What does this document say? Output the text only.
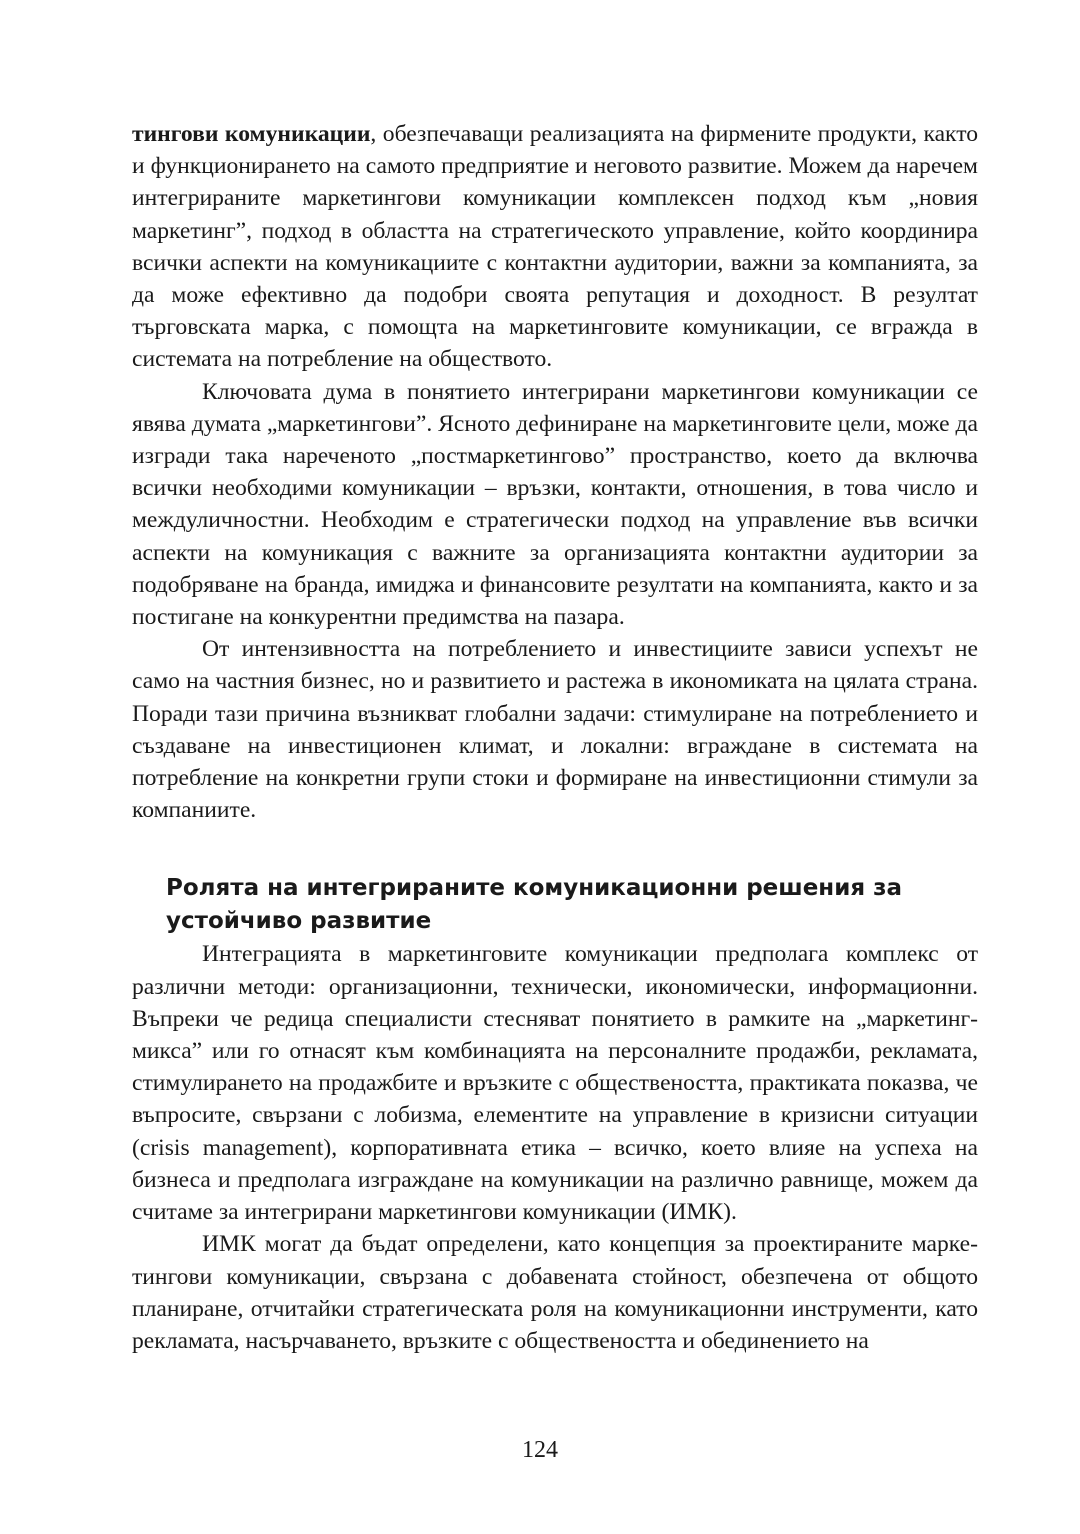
тингови комуникации, обезпечаващи реализацията на фирмените продукти, както и функционирането на самото предприятие и неговото развитие. Можем да наречем интегрираните маркетингови комуникации комплексен подход към „новия маркетинг”, подход в областта на стратегическото управление, който координира всички аспекти на комуникациите с контактни аудитории, важни за компанията, за да може ефективно да подобри своята репутация и доходност. В резултат търговската марка, с помощта на маркетинговите комуникации, се вгражда в системата на потребление на обществото.

Ключовата дума в понятието интегрирани маркетингови комуникации се явява думата „маркетингови”. Ясното дефиниране на маркетинговите цели, може да изгради така нареченото „постмаркетингово” пространство, което да включва всички необходими комуникации – връзки, контакти, отношения, в това число и междуличностни. Необходим е стратегически подход на управление във всички аспекти на комуникация с важните за организацията контактни аудитории за подобряване на бранда, имиджа и финансовите резултати на компанията, както и за постигане на конкурентни предимства на пазара.

От интензивността на потреблението и инвестициите зависи успехът не само на частния бизнес, но и развитието и растежа в икономиката на цялата страна. Поради тази причина възникват глобални задачи: стимулиране на потреблението и създаване на инвестиционен климат, и локални: вграждане в системата на потребление на конкретни групи стоки и формиране на инвестиционни стимули за компаниите.

Ролята на интегрираните комуникационни решения за
устойчиво развитие

Интеграцията в маркетинговите комуникации предполага комплекс от различни методи: организационни, технически, икономически, информационни. Въпреки че редица специалисти стесняват понятието в рамките на „маркетинг-микса” или го отнасят към комбинацията на персоналните продажби, рекламата, стимулирането на продажбите и връзките с обществеността, практиката показва, че въпросите, свързани с лобизма, елементите на управление в кризисни ситуации (crisis management), корпоративната етика – всичко, което влияе на успеха на бизнеса и предполага изграждане на комуникации на различно равнище, можем да считаме за интегрирани маркетингови комуникации (ИМК).

ИМК могат да бъдат определени, като концепция за проектираните маркетингови комуникации, свързана с добавената стойност, обезпечена от общото планиране, отчитайки стратегическата роля на комуникационни инструменти, като рекламата, насърчаването, връзките с обществеността и обединението на

124
